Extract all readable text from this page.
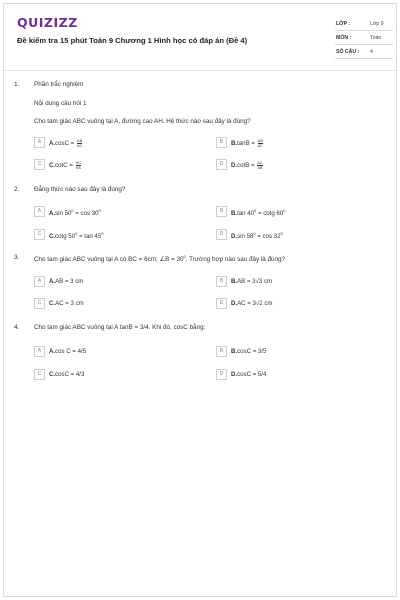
QUIZIZZ
Đề kiểm tra 15 phút Toán 9 Chương 1 Hình học có đáp án (Đề 4)
LỚP :	Lớp 9
MÔN :	Toán
SỐ CÂU : 4
1. Phần trắc nghiệm
Nội dung câu hỏi 1
Cho tam giác ABC vuông tại A, đường cao AH. Hệ thức nào sau đây là đúng?
A	$A.\cos C = \frac{AB}{AC}$	B	$B.\tan B = \frac{AB}{AC}$
C	$C.\cot C = \frac{HC}{HA}$	D	$D.\cot B = \frac{AC}{AB}$
2. Đẳng thức nào sau đây là đúng?
A	A.sin $50^0 = \cos 30^0$	B	B.tan $40^0 = \cot g$ $60^0$
C	C.cotg $50^0 = \tan 45^0$	D	D.sin $58^0 = \cos 32^0$
3. Cho tam giác ABC vuông tại A có BC = 6cm; ∠B = $30^0$. Trường hợp nào sau đây là đúng?
A	A.AB = 3 cm	B	B.AB = 3√3 cm
C	C.AC = 3 cm	D	D.AC = 3√2 cm
4. Cho tam giác ABC vuông tại A tanB = 3/4. Khi đó, cosC bằng:
A	A.cos C = 4/5	B	B.cosC = 3/5
C	C.cosC = 4/3	D	D.cosC = 5/4
